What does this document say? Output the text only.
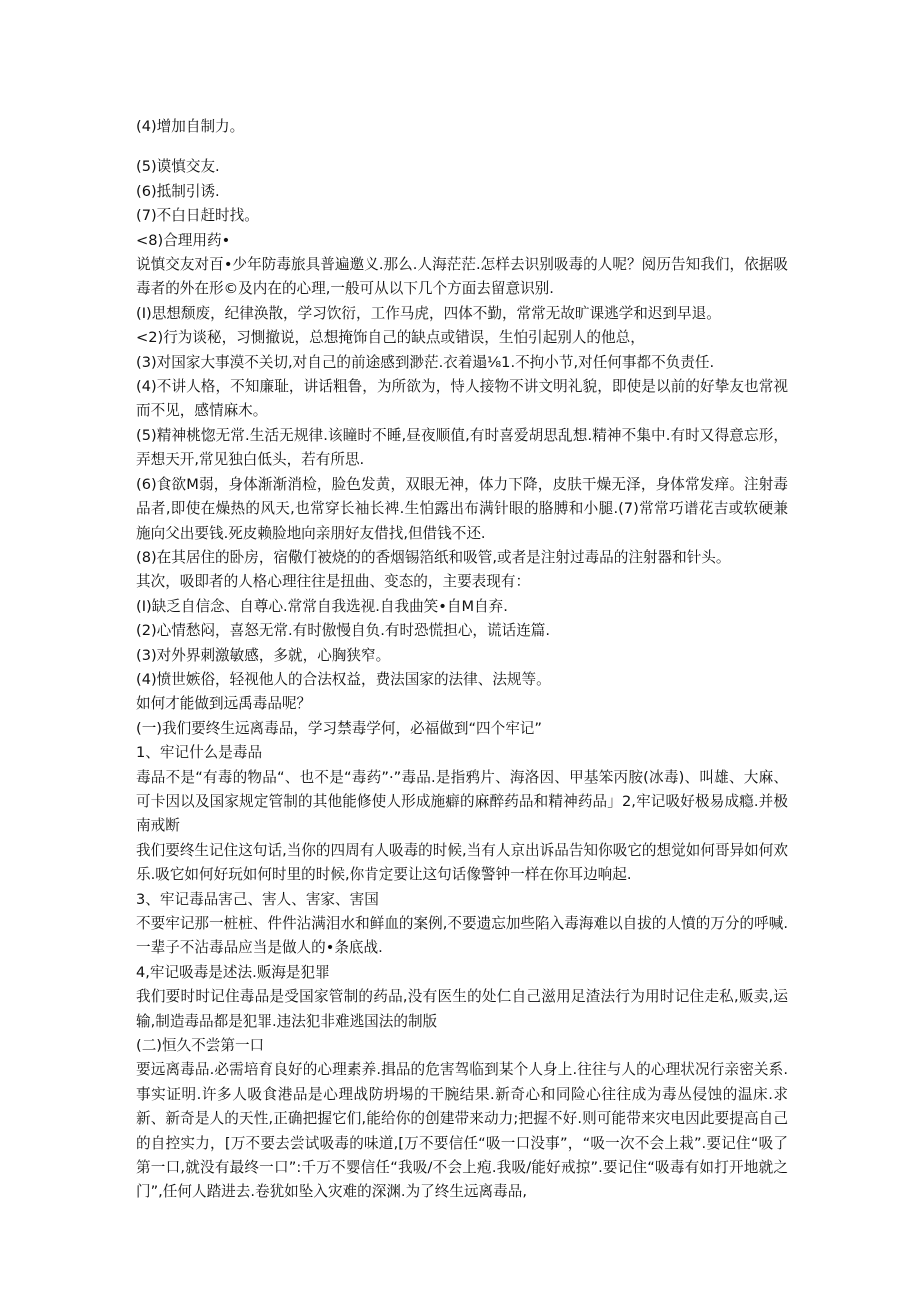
(4)增加自制力。

(5)谟慎交友.

(6)抵制引诱.

(7)不白日赶时找。

<8)合理用药•

说慎交友对百•少年防毒旅具普遍邀义.那么.人海茫茫.怎样去识别吸毒的人呢？阅历告知我们，依据吸毒者的外在形©及内在的心理,一般可从以下几个方面去留意识别.

(I)思想颓废，纪律涣散，学习饮衍，工作马虎，四体不勤，常常无故旷课逃学和迟到早退。

<2)行为谈秘，习惻撤说，总想掩饰自己的缺点或错误，生怕引起别人的他总，

(3)对国家大事漠不关切,对自己的前途感到渺茫.衣着遢⅛1.不拘小节,对任何事都不负责任.

(4)不讲人格，不知廉耻，讲话粗鲁，为所欲为，恃人接物不讲文明礼貌，即使是以前的好挚友也常视而不见，感情麻木。

(5)精神桃惚无常.生活无规律.该瞳时不睡,昼夜顺值,有时喜爱胡思乱想.精神不集中.有时又得意忘形，弄想天开,常见独白低头，若有所思.

(6)食欲M弱，身体渐渐消检，脸色发黄，双眼无神，体力下降，皮肤干燥无泽，身体常发痒。注射毒品者,即使在燥热的风天,也常穿长袖长裨.生怕露出布满针眼的胳膊和小腿.(7)常常巧谱花吉或软硬兼施向父出要钱.死皮赖脸地向亲朋好友借找,但借钱不还.

(8)在其居住的卧房，宿儆仃被烧的的香烟锡箔纸和吸管,或者是注射过毒品的注射器和针头。

其次，吸即者的人格心理往往是扭曲、变态的，主要表现有：

(I)缺乏自信念、自尊心.常常自我选视.自我曲笑•自M自弃.

(2)心情愁闷，喜怒无常.有时傲慢自负.有时恐慌担心，谎话连篇.

(3)对外界刺激敏感，多就，心胸狭窄。

(4)愤世嫉俗，轻视他人的合法权益，费法国家的法律、法规等。

如何才能做到远禹毒品呢？

(一)我们要终生远离毒品，学习禁毒学何，必福做到“四个牢记”

1、牢记什么是毒品

毒品不是“有毒的物品“、也不是“毒药”·”毒品.是指鸦片、海洛因、甲基笨丙胺(冰毒)、叫雄、大麻、可卡因以及国家规定管制的其他能修使人形成施癖的麻醉药品和精神药品」2,牢记吸好极易成瘾.并极南戒断

我们要终生记住这句话,当你的四周有人吸毒的时候,当有人京出诉品告知你吸它的想觉如何哥异如何欢乐.吸它如何好玩如何时里的时候,你肯定要让这句话像警钟一样在你耳边响起.

3、牢记毒品害己、害人、害家、害国

不要牢记那一桩桩、件件沾满泪水和鲜血的案例,不要遗忘加些陷入毒海难以自拔的人憤的万分的呼喊.一辈子不沾毒品应当是做人的•条底战.

4,牢记吸毒是述法.贩海是犯罪

我们要时时记住毒品是受国家管制的药品,没有医生的处仁自己滋用足渣法行为用时记住走私,贩卖,运输,制造毒品都是犯罪.违法犯非难逃国法的制版

(二)恒久不尝第一口

要远离毒品.必需培育良好的心理素养.揖品的危害驾临到某个人身上.往往与人的心理状况行亲密关系.事实证明.许多人吸食港品是心理战防坍埸的干腕结果.新奇心和同险心往往成为毒丛侵蚀的温床.求新、新奇是人的天性,正确把握它们,能给你的创建带来动力;把握不好.则可能带来灾电因此要提高自己的自控实力，[万不要去尝试吸毒的味道,[万不要信任“吸一口没事”，“吸一次不会上栽”.要记住“吸了第一口,就没有最终一口”:千万不婴信任“我吸/不会上疱.我吸/能好戒掠”.要记住“吸毒有如打开地就之门”,任何人踏进去.卷犹如坠入灾难的深渊.为了终生远离毒品,
